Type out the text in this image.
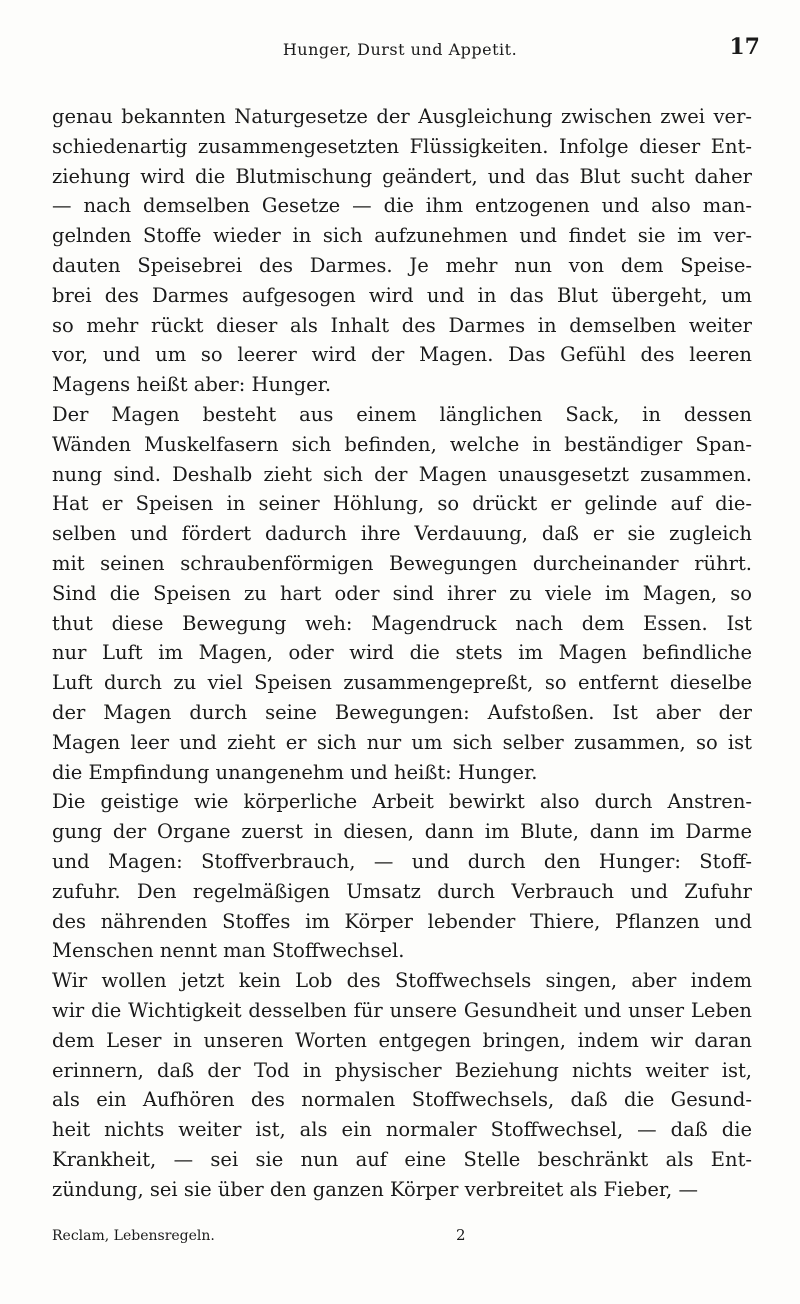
Hunger, Durst und Appetit.	17
genau bekannten Naturgesetze der Ausgleichung zwischen zwei ver-
schiedenartig zusammengesetzten Flüssigkeiten. Infolge dieser Ent-
ziehung wird die Blutmischung geändert, und das Blut sucht daher
— nach demselben Gesetze — die ihm entzogenen und also man-
gelnden Stoffe wieder in sich aufzunehmen und findet sie im ver-
dauten Speisebrei des Darmes. Je mehr nun von dem Speise-
brei des Darmes aufgesogen wird und in das Blut übergeht, um
so mehr rückt dieser als Inhalt des Darmes in demselben weiter
vor, und um so leerer wird der Magen. Das Gefühl des leeren
Magens heißt aber: Hunger.
Der Magen besteht aus einem länglichen Sack, in dessen
Wänden Muskelfasern sich befinden, welche in beständiger Span-
nung sind. Deshalb zieht sich der Magen unausgesetzt zusammen.
Hat er Speisen in seiner Höhlung, so drückt er gelinde auf die-
selben und fördert dadurch ihre Verdauung, daß er sie zugleich
mit seinen schraubenförmigen Bewegungen durcheinander rührt.
Sind die Speisen zu hart oder sind ihrer zu viele im Magen, so
thut diese Bewegung weh: Magendruck nach dem Essen. Ist
nur Luft im Magen, oder wird die stets im Magen befindliche
Luft durch zu viel Speisen zusammengepreßt, so entfernt dieselbe
der Magen durch seine Bewegungen: Aufstoßen. Ist aber der
Magen leer und zieht er sich nur um sich selber zusammen, so ist
die Empfindung unangenehm und heißt: Hunger.
Die geistige wie körperliche Arbeit bewirkt also durch Anstren-
gung der Organe zuerst in diesen, dann im Blute, dann im Darme
und Magen: Stoffverbrauch, — und durch den Hunger: Stoff-
zufuhr. Den regelmäßigen Umsatz durch Verbrauch und Zufuhr
des nährenden Stoffes im Körper lebender Thiere, Pflanzen und
Menschen nennt man Stoffwechsel.
Wir wollen jetzt kein Lob des Stoffwechsels singen, aber indem
wir die Wichtigkeit desselben für unsere Gesundheit und unser Leben
dem Leser in unseren Worten entgegen bringen, indem wir daran
erinnern, daß der Tod in physischer Beziehung nichts weiter ist,
als ein Aufhören des normalen Stoffwechsels, daß die Gesund-
heit nichts weiter ist, als ein normaler Stoffwechsel, — daß die
Krankheit, — sei sie nun auf eine Stelle beschränkt als Ent-
zündung, sei sie über den ganzen Körper verbreitet als Fieber, —
Reclam, Lebensregeln.	2
